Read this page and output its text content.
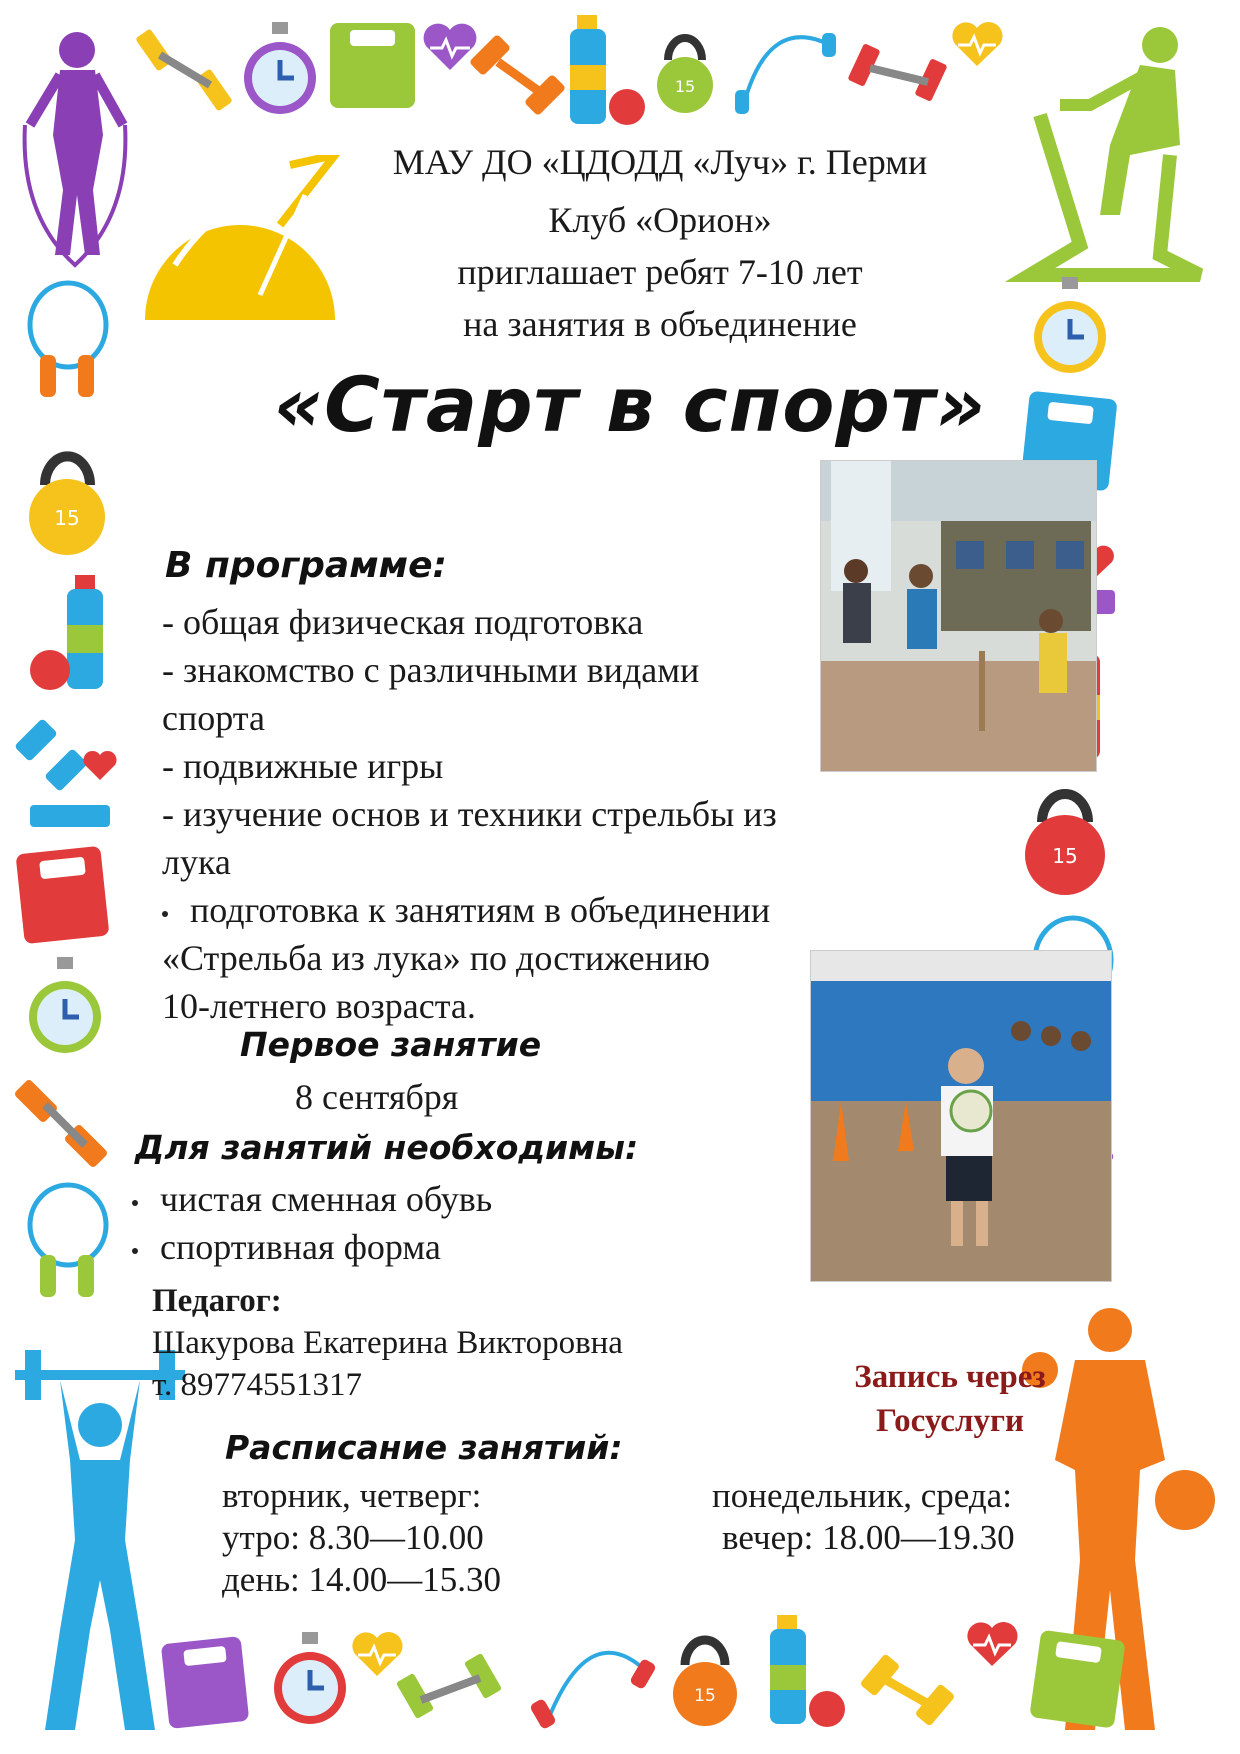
15
15
15
15
МАУ ДО «ЦДОДД «Луч» г. Перми
Клуб «Орион»
приглашает ребят 7-10 лет
на занятия в объединение
«Старт в спорт»
В программе:
- общая физическая подготовка
- знакомство с различными видами
спорта
- подвижные игры
- изучение основ и техники стрельбы из
лука
подготовка к занятиям в объединении
«Стрельба из лука» по достижению
10-летнего возраста.
Первое занятие
8 сентября
Для занятий необходимы:
чистая сменная обувь
спортивная форма
Педагог:
Шакурова Екатерина Викторовна
т. 89774551317	Запись через
Госуслуги
Расписание занятий:
вторник, четверг:
утро: 8.30—10.00
день: 14.00—15.30
понедельник, среда:
вечер: 18.00—19.30
